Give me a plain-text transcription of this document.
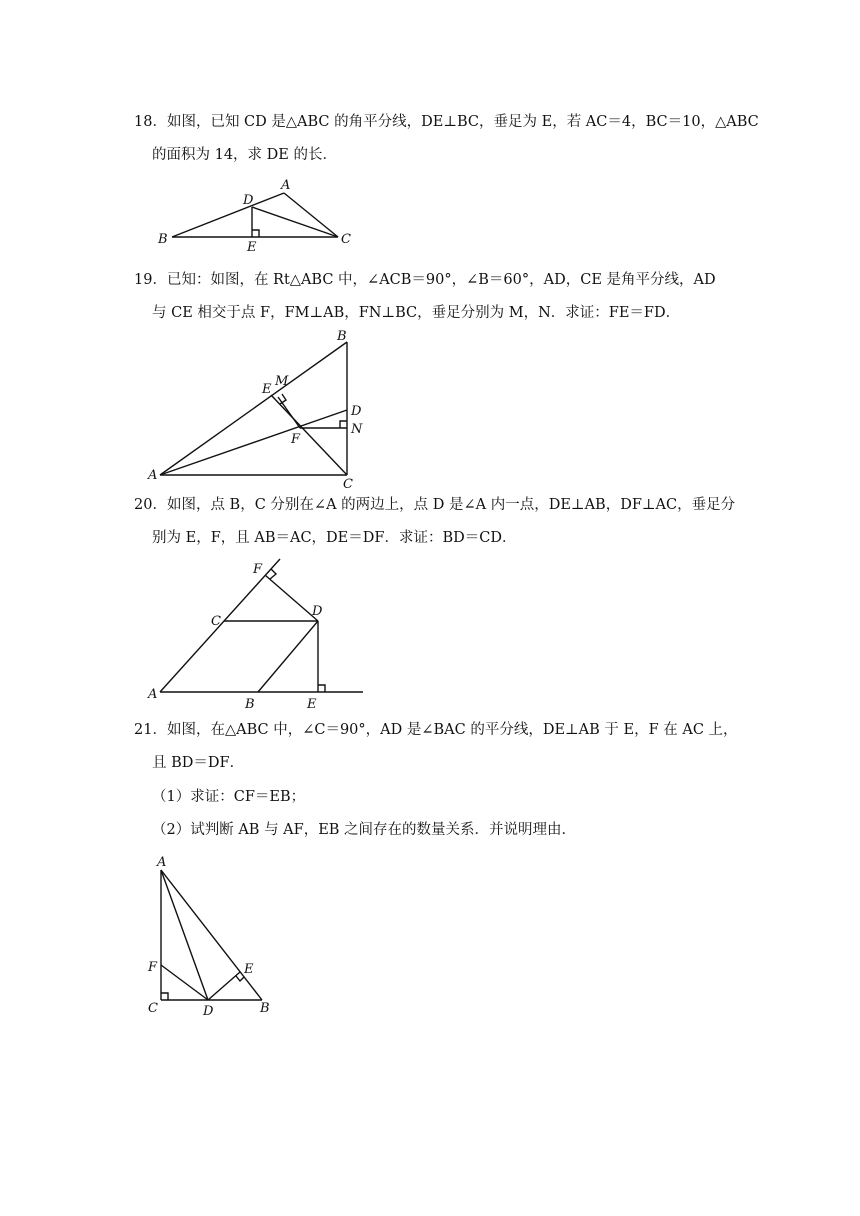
18．如图，已知 CD 是△ABC 的角平分线，DE⊥BC，垂足为 E，若 AC＝4，BC＝10，△ABC
的面积为 14，求 DE 的长．
D
A
B
E
C
19．已知：如图，在 Rt△ABC 中，∠ACB＝90°，∠B＝60°，AD，CE 是角平分线，AD
与 CE 相交于点 F，FM⊥AB，FN⊥BC，垂足分别为 M，N．求证：FE＝FD．
B
M
E
D
F
N
A
C
20．如图，点 B，C 分别在∠A 的两边上，点 D 是∠A 内一点，DE⊥AB，DF⊥AC，垂足分
别为 E，F，且 AB＝AC，DE＝DF．求证：BD＝CD．
F
C
D
A
B	E
21．如图，在△ABC 中，∠C＝90°，AD 是∠BAC 的平分线，DE⊥AB 于 E，F 在 AC 上，
且 BD＝DF．
（1）求证：CF＝EB；
（2）试判断 AB 与 AF，EB 之间存在的数量关系．并说明理由．
A
F	E
C	D	B
